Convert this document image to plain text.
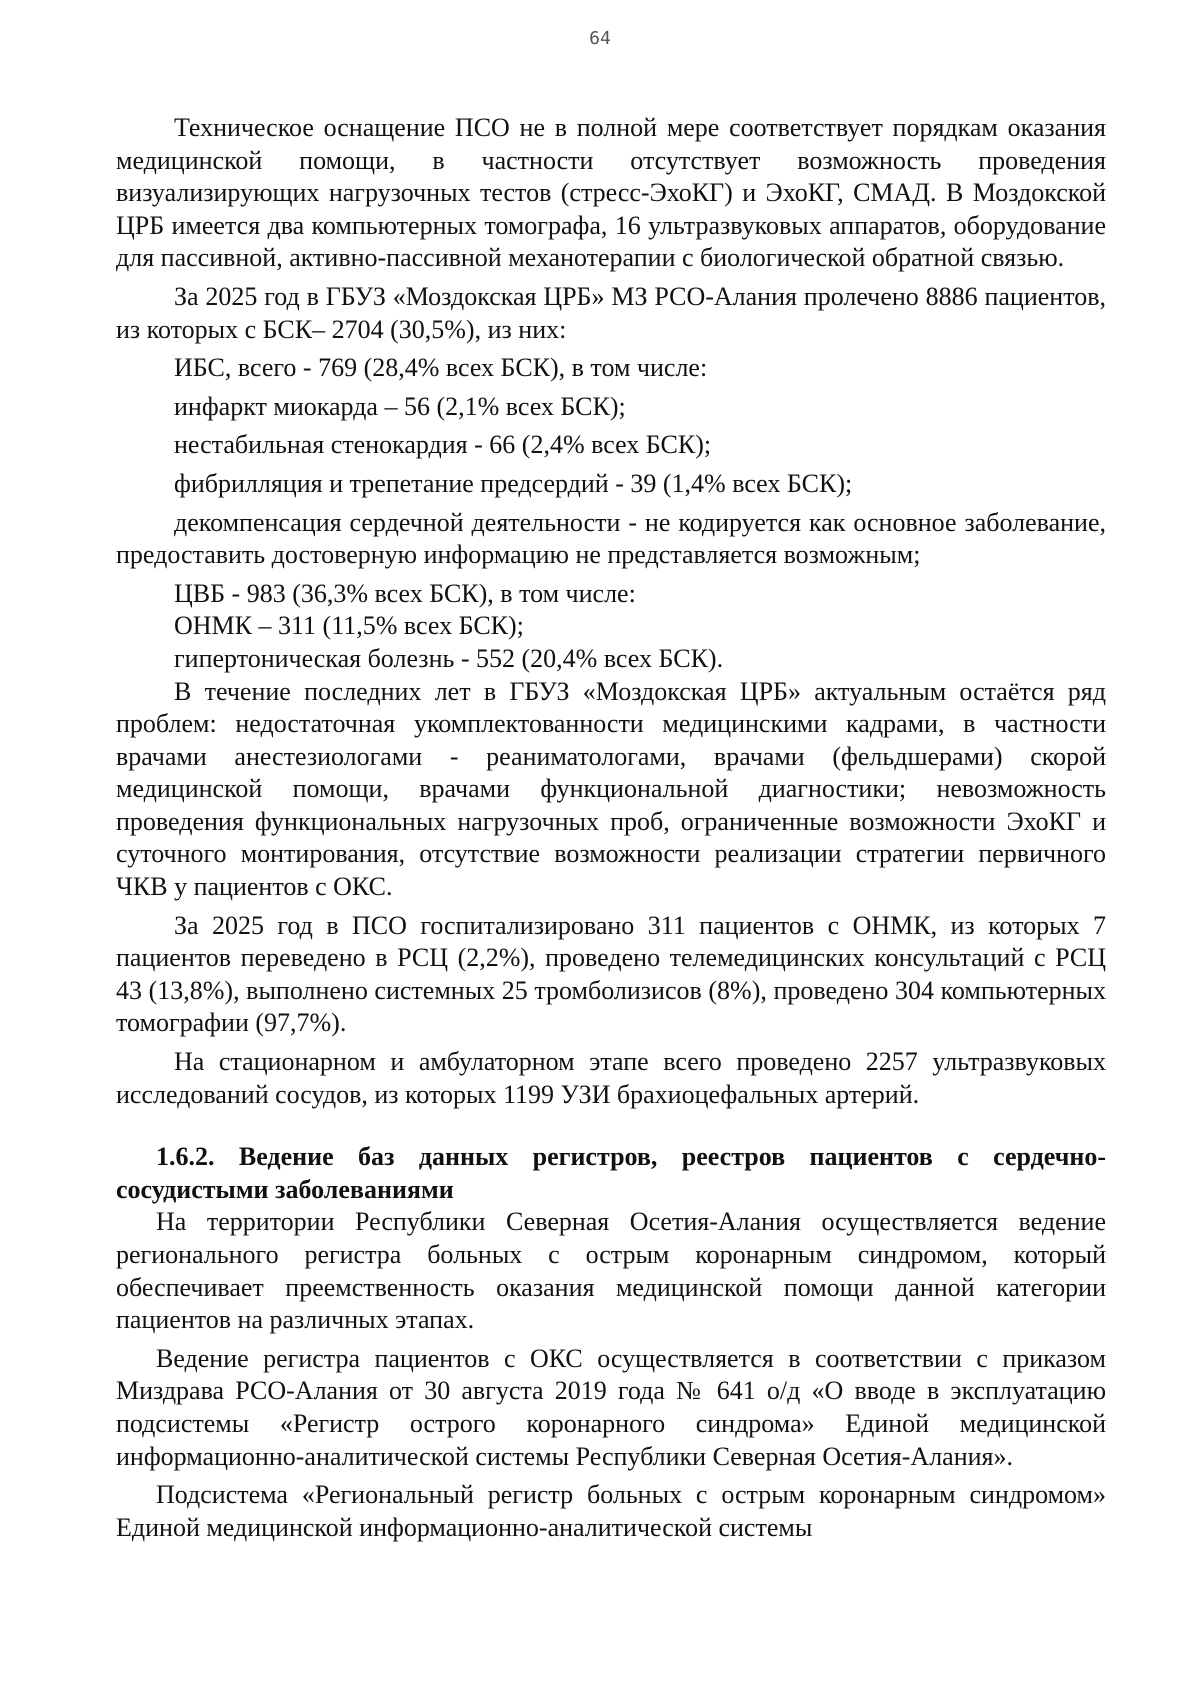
64

Техническое оснащение ПСО не в полной мере соответствует порядкам оказания медицинской помощи, в частности отсутствует возможность проведения визуализирующих нагрузочных тестов (стресс-ЭхоКГ) и ЭхоКГ, СМАД. В Моздокской ЦРБ имеется два компьютерных томографа, 16 ультразвуковых аппаратов, оборудование для пассивной, активно-пассивной механотерапии с биологической обратной связью.

За 2025 год в ГБУЗ «Моздокская ЦРБ» МЗ РСО-Алания пролечено 8886 пациентов, из которых с БСК– 2704 (30,5%), из них:

ИБС, всего - 769 (28,4% всех БСК), в том числе:

инфаркт миокарда – 56 (2,1% всех БСК);

нестабильная стенокардия - 66 (2,4% всех БСК);

фибрилляция и трепетание предсердий - 39 (1,4% всех БСК);

декомпенсация сердечной деятельности - не кодируется как основное заболевание, предоставить достоверную информацию не представляется возможным;

ЦВБ - 983 (36,3% всех БСК), в том числе:

ОНМК – 311 (11,5% всех БСК);

гипертоническая болезнь - 552 (20,4% всех БСК).

В течение последних лет в ГБУЗ «Моздокская ЦРБ» актуальным остаётся ряд проблем: недостаточная укомплектованности медицинскими кадрами, в частности врачами анестезиологами - реаниматологами, врачами (фельдшерами) скорой медицинской помощи, врачами функциональной диагностики; невозможность проведения функциональных нагрузочных проб, ограниченные возможности ЭхоКГ и суточного монтирования, отсутствие возможности реализации стратегии первичного ЧКВ у пациентов с ОКС.

За 2025 год в ПСО госпитализировано 311 пациентов с ОНМК, из которых 7 пациентов переведено в РСЦ (2,2%), проведено телемедицинских консультаций с РСЦ 43 (13,8%), выполнено системных 25 тромболизисов (8%), проведено 304 компьютерных томографии (97,7%).

На стационарном и амбулаторном этапе всего проведено 2257 ультразвуковых исследований сосудов, из которых 1199 УЗИ брахиоцефальных артерий.

1.6.2. Ведение баз данных регистров, реестров пациентов с сердечно-сосудистыми заболеваниями

На территории Республики Северная Осетия-Алания осуществляется ведение регионального регистра больных с острым коронарным синдромом, который обеспечивает преемственность оказания медицинской помощи данной категории пациентов на различных этапах.

Ведение регистра пациентов с ОКС осуществляется в соответствии с приказом Миздрава РСО-Алания от 30 августа 2019 года № 641 о/д «О вводе в эксплуатацию подсистемы «Регистр острого коронарного синдрома» Единой медицинской информационно-аналитической системы Республики Северная Осетия-Алания».

Подсистема «Региональный регистр больных с острым коронарным синдромом» Единой медицинской информационно-аналитической системы
